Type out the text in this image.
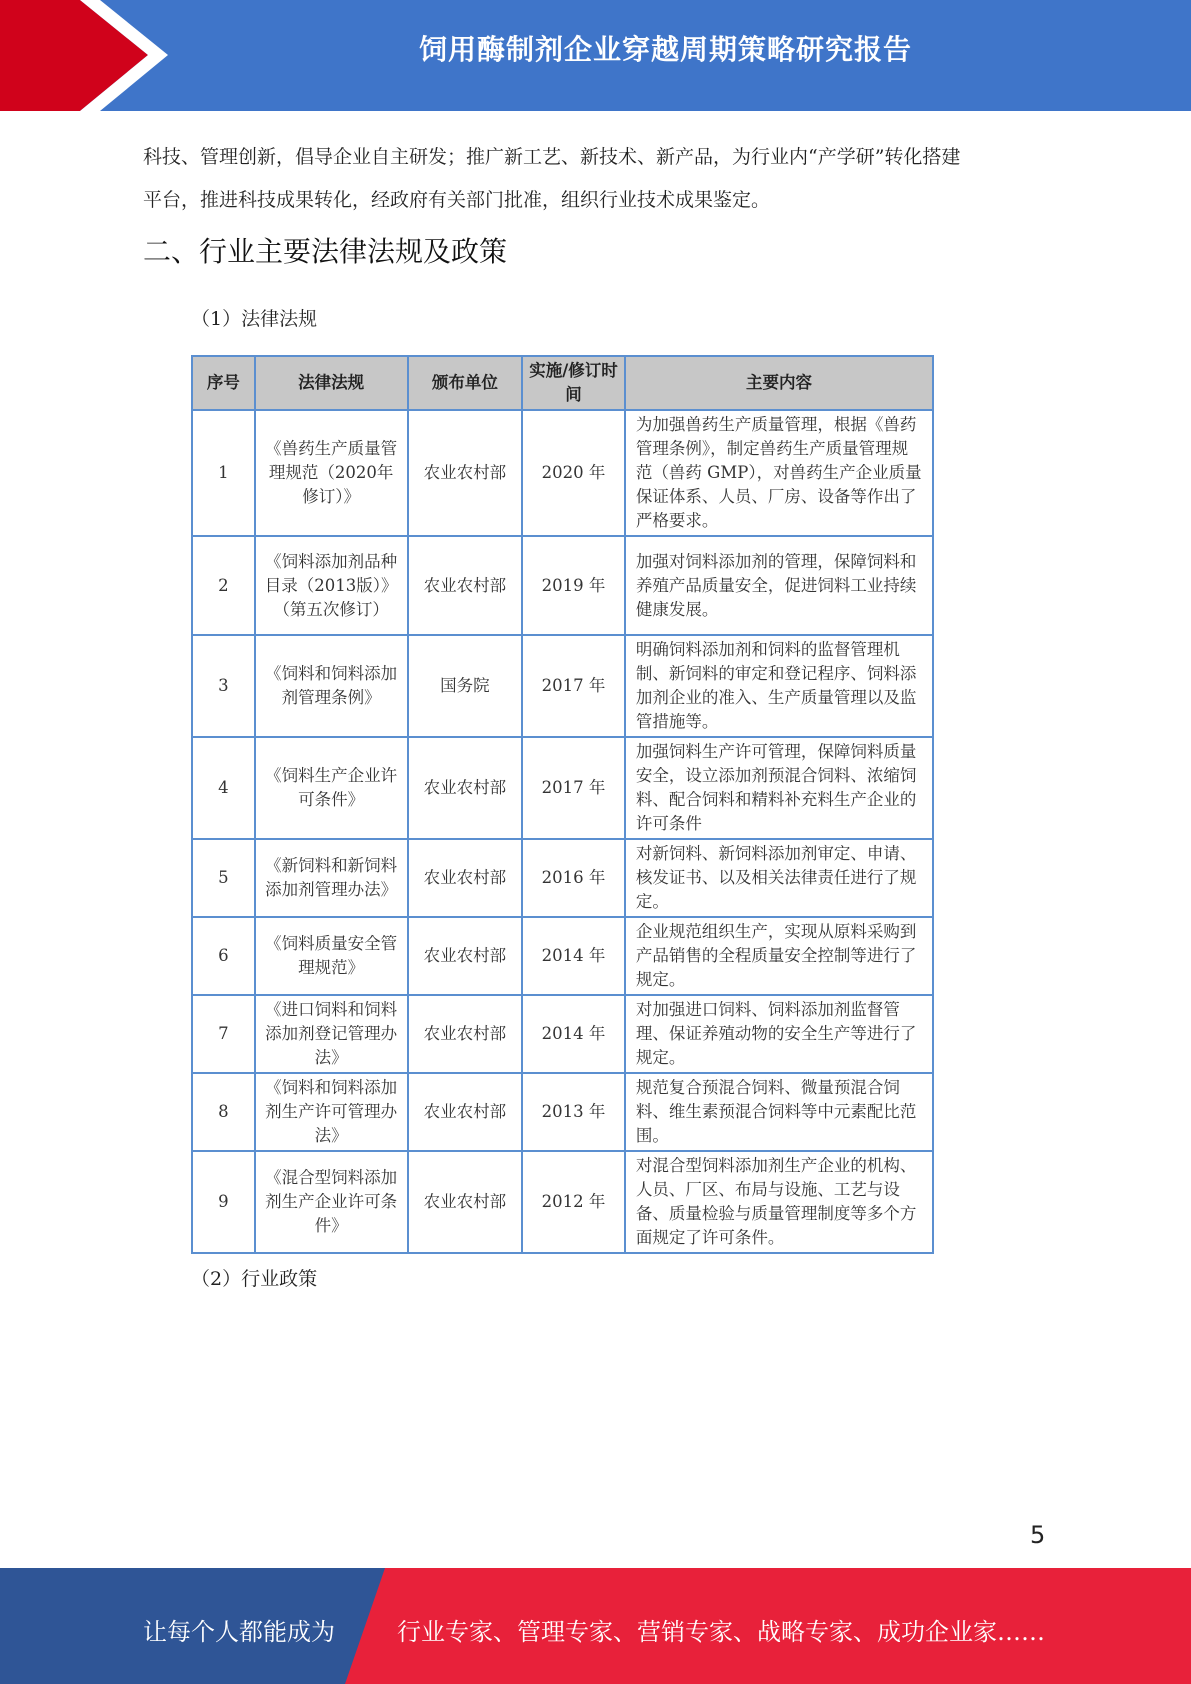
饲用酶制剂企业穿越周期策略研究报告
科技、管理创新，倡导企业自主研发；推广新工艺、新技术、新产品，为行业内“产学研”转化搭建
平台，推进科技成果转化，经政府有关部门批准，组织行业技术成果鉴定。
二、行业主要法律法规及政策
（1）法律法规
序号	法律法规	颁布单位	实施/修订时间	主要内容
1	《兽药生产质量管理规范（2020年修订）》	农业农村部	2020 年	为加强兽药生产质量管理，根据《兽药管理条例》，制定兽药生产质量管理规范（兽药 GMP），对兽药生产企业质量保证体系、人员、厂房、设备等作出了严格要求。
2	《饲料添加剂品种目录（2013版）》（第五次修订）	农业农村部	2019 年	加强对饲料添加剂的管理，保障饲料和养殖产品质量安全，促进饲料工业持续健康发展。
3	《饲料和饲料添加剂管理条例》	国务院	2017 年	明确饲料添加剂和饲料的监督管理机制、新饲料的审定和登记程序、饲料添加剂企业的准入、生产质量管理以及监管措施等。
4	《饲料生产企业许可条件》	农业农村部	2017 年	加强饲料生产许可管理，保障饲料质量安全，设立添加剂预混合饲料、浓缩饲料、配合饲料和精料补充料生产企业的许可条件
5	《新饲料和新饲料添加剂管理办法》	农业农村部	2016 年	对新饲料、新饲料添加剂审定、申请、核发证书、以及相关法律责任进行了规定。
6	《饲料质量安全管理规范》	农业农村部	2014 年	企业规范组织生产，实现从原料采购到产品销售的全程质量安全控制等进行了规定。
7	《进口饲料和饲料添加剂登记管理办法》	农业农村部	2014 年	对加强进口饲料、饲料添加剂监督管理、保证养殖动物的安全生产等进行了规定。
8	《饲料和饲料添加剂生产许可管理办法》	农业农村部	2013 年	规范复合预混合饲料、微量预混合饲料、维生素预混合饲料等中元素配比范围。
9	《混合型饲料添加剂生产企业许可条件》	农业农村部	2012 年	对混合型饲料添加剂生产企业的机构、人员、厂区、布局与设施、工艺与设备、质量检验与质量管理制度等多个方面规定了许可条件。
（2）行业政策
5
让每个人都能成为	行业专家、管理专家、营销专家、战略专家、成功企业家……
